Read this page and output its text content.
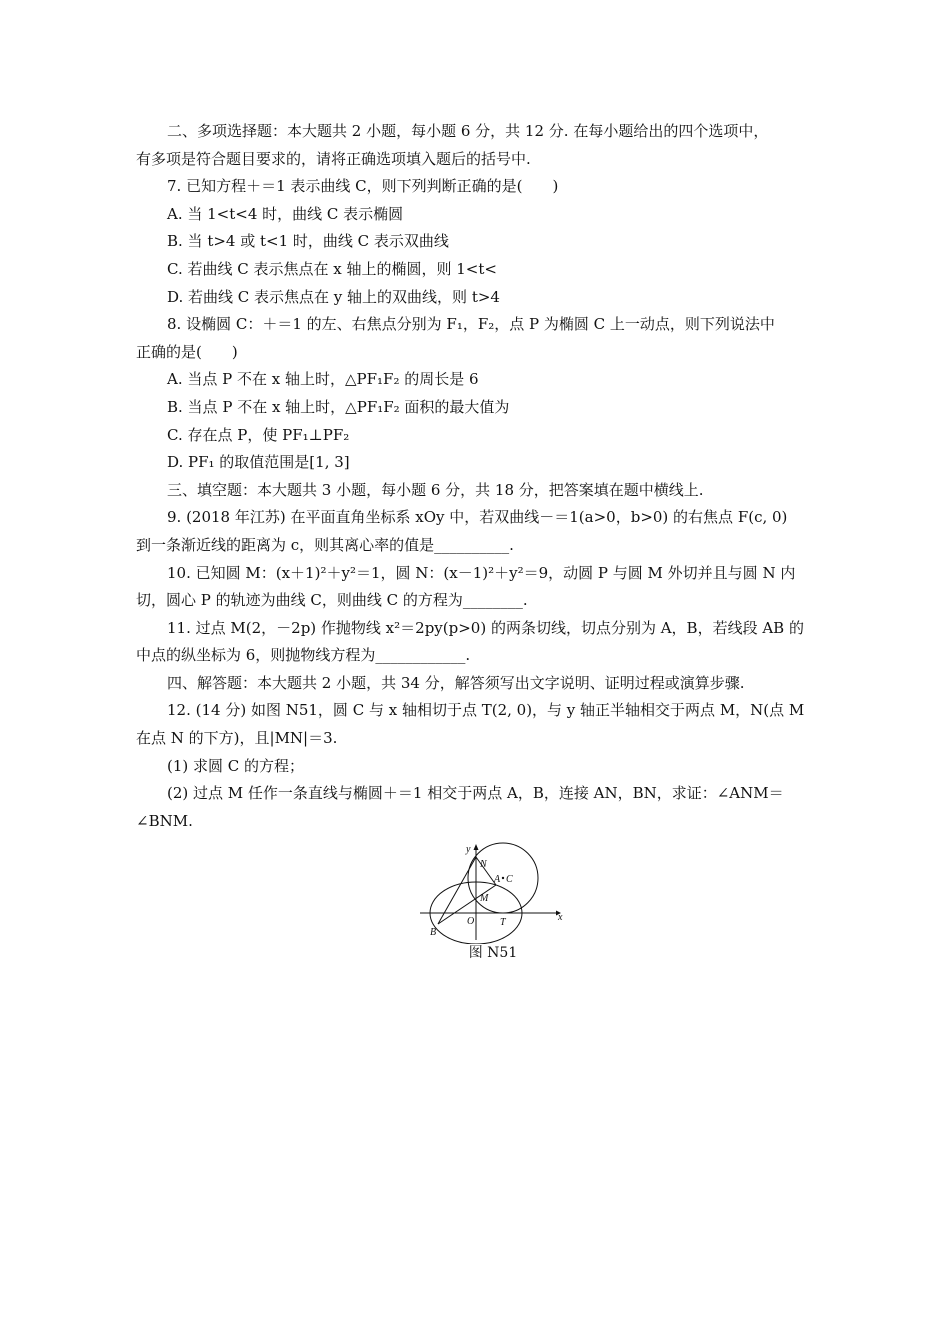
二、多项选择题：本大题共 2 小题，每小题 6 分，共 12 分. 在每小题给出的四个选项中，
有多项是符合题目要求的，请将正确选项填入题后的括号中.
7. 已知方程＋＝1 表示曲线 C，则下列判断正确的是(　　)
A. 当 1<t<4 时，曲线 C 表示椭圆
B. 当 t>4 或 t<1 时，曲线 C 表示双曲线
C. 若曲线 C 表示焦点在 x 轴上的椭圆，则 1<t<
D. 若曲线 C 表示焦点在 y 轴上的双曲线，则 t>4
8. 设椭圆 C：＋＝1 的左、右焦点分别为 F₁，F₂，点 P 为椭圆 C 上一动点，则下列说法中
正确的是(　　)
A. 当点 P 不在 x 轴上时，△PF₁F₂ 的周长是 6
B. 当点 P 不在 x 轴上时，△PF₁F₂ 面积的最大值为
C. 存在点 P，使 PF₁⊥PF₂
D. PF₁ 的取值范围是[1, 3]
三、填空题：本大题共 3 小题，每小题 6 分，共 18 分，把答案填在题中横线上.
9. (2018 年江苏) 在平面直角坐标系 xOy 中，若双曲线－＝1(a>0，b>0) 的右焦点 F(c, 0)
到一条渐近线的距离为 c，则其离心率的值是__________.
10. 已知圆 M：(x＋1)²＋y²＝1，圆 N：(x－1)²＋y²＝9，动圆 P 与圆 M 外切并且与圆 N 内
切，圆心 P 的轨迹为曲线 C，则曲线 C 的方程为________.
11. 过点 M(2，－2p) 作抛物线 x²＝2py(p>0) 的两条切线，切点分别为 A，B，若线段 AB 的
中点的纵坐标为 6，则抛物线方程为____________.
四、解答题：本大题共 2 小题，共 34 分，解答须写出文字说明、证明过程或演算步骤.
12. (14 分) 如图 N51，圆 C 与 x 轴相切于点 T(2, 0)，与 y 轴正半轴相交于两点 M，N(点 M
在点 N 的下方)，且|MN|＝3.
(1) 求圆 C 的方程；
(2) 过点 M 任作一条直线与椭圆＋＝1 相交于两点 A，B，连接 AN，BN，求证：∠ANM＝
∠BNM.
y
x
N
A C
M
O	T
B
图 N51
